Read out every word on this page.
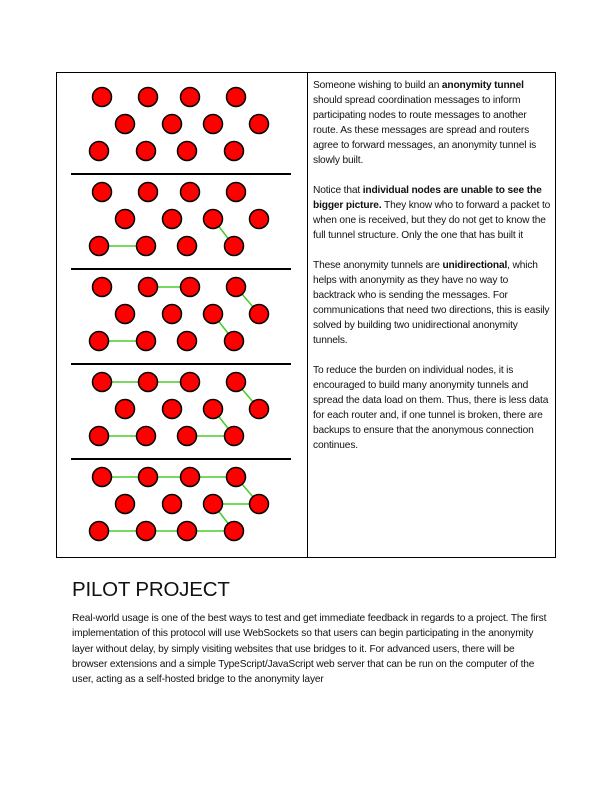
Someone wishing to build an anonymity tunnel should spread coordination messages to inform participating nodes to route messages to another route. As these messages are spread and routers agree to forward messages, an anonymity tunnel is slowly built.

Notice that individual nodes are unable to see the bigger picture. They know who to forward a packet to when one is received, but they do not get to know the full tunnel structure. Only the one that has built it

These anonymity tunnels are unidirectional, which helps with anonymity as they have no way to backtrack who is sending the messages. For communications that need two directions, this is easily solved by building two unidirectional anonymity tunnels.

To reduce the burden on individual nodes, it is encouraged to build many anonymity tunnels and spread the data load on them. Thus, there is less data for each router and, if one tunnel is broken, there are backups to ensure that the anonymous connection continues.

PILOT PROJECT

Real-world usage is one of the best ways to test and get immediate feedback in regards to a project. The first implementation of this protocol will use WebSockets so that users can begin participating in the anonymity layer without delay, by simply visiting websites that use bridges to it. For advanced users, there will be browser extensions and a simple TypeScript/JavaScript web server that can be run on the computer of the user, acting as a self-hosted bridge to the anonymity layer
